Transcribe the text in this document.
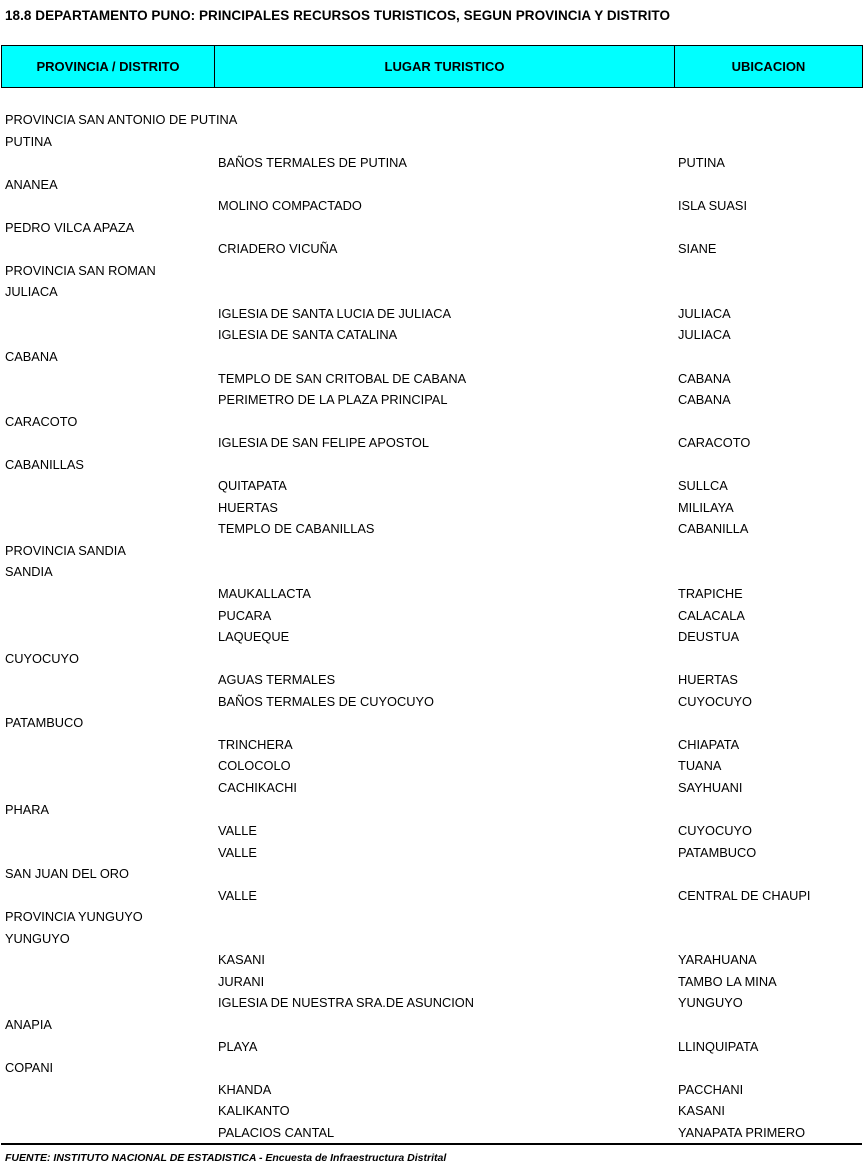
18.8 DEPARTAMENTO PUNO: PRINCIPALES RECURSOS TURISTICOS, SEGUN PROVINCIA Y DISTRITO
PROVINCIA / DISTRITO	LUGAR TURISTICO	UBICACION
PROVINCIA SAN ANTONIO DE PUTINA
PUTINA
BAÑOS TERMALES DE PUTINA	PUTINA
ANANEA
MOLINO COMPACTADO	ISLA SUASI
PEDRO VILCA APAZA
CRIADERO VICUÑA	SIANE
PROVINCIA SAN ROMAN
JULIACA
IGLESIA DE SANTA LUCIA DE JULIACA	JULIACA
IGLESIA DE SANTA CATALINA	JULIACA
CABANA
TEMPLO DE SAN CRITOBAL DE CABANA	CABANA
PERIMETRO DE LA PLAZA PRINCIPAL	CABANA
CARACOTO
IGLESIA DE SAN FELIPE APOSTOL	CARACOTO
CABANILLAS
QUITAPATA	SULLCA
HUERTAS	MILILAYA
TEMPLO DE CABANILLAS	CABANILLA
PROVINCIA SANDIA
SANDIA
MAUKALLACTA	TRAPICHE
PUCARA	CALACALA
LAQUEQUE	DEUSTUA
CUYOCUYO
AGUAS TERMALES	HUERTAS
BAÑOS TERMALES DE CUYOCUYO	CUYOCUYO
PATAMBUCO
TRINCHERA	CHIAPATA
COLOCOLO	TUANA
CACHIKACHI	SAYHUANI
PHARA
VALLE	CUYOCUYO
VALLE	PATAMBUCO
SAN JUAN DEL ORO
VALLE	CENTRAL DE CHAUPI
PROVINCIA YUNGUYO
YUNGUYO
KASANI	YARAHUANA
JURANI	TAMBO LA MINA
IGLESIA DE NUESTRA SRA.DE ASUNCION	YUNGUYO
ANAPIA
PLAYA	LLINQUIPATA
COPANI
KHANDA	PACCHANI
KALIKANTO	KASANI
PALACIOS CANTAL	YANAPATA PRIMERO
FUENTE: INSTITUTO NACIONAL DE ESTADISTICA - Encuesta de Infraestructura Distrital
